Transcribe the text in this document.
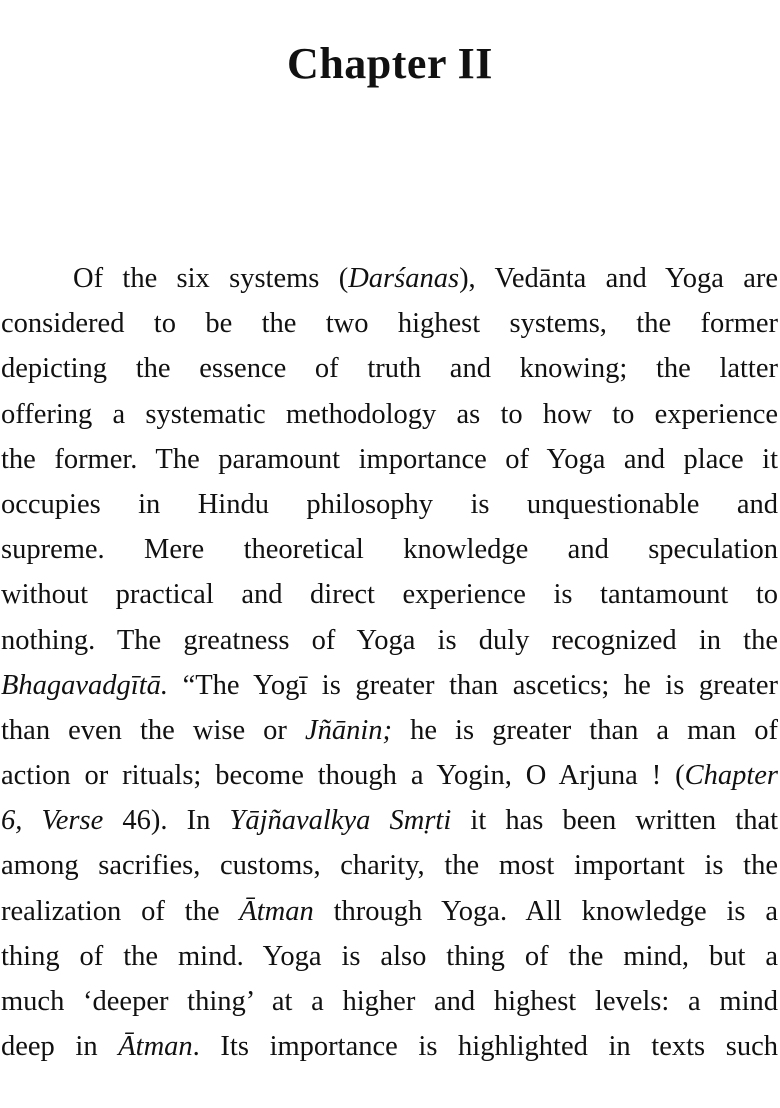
Chapter II
Of the six systems (Darśanas), Vedānta and Yoga are
considered to be the two highest systems, the former
depicting the essence of truth and knowing; the latter
offering a systematic methodology as to how to experience
the former. The paramount importance of Yoga and place it
occupies in Hindu philosophy is unquestionable and
supreme. Mere theoretical knowledge and speculation
without practical and direct experience is tantamount to
nothing. The greatness of Yoga is duly recognized in the
Bhagavadgītā. “The Yogī is greater than ascetics; he is greater
than even the wise or Jñānin; he is greater than a man of
action or rituals; become though a Yogin, O Arjuna ! (Chapter
6, Verse 46). In Yājñavalkya Smṛti it has been written that
among sacrifies, customs, charity, the most important is the
realization of the Ātman through Yoga. All knowledge is a
thing of the mind. Yoga is also thing of the mind, but a
much ‘deeper thing’ at a higher and highest levels: a mind
deep in Ātman. Its importance is highlighted in texts such
